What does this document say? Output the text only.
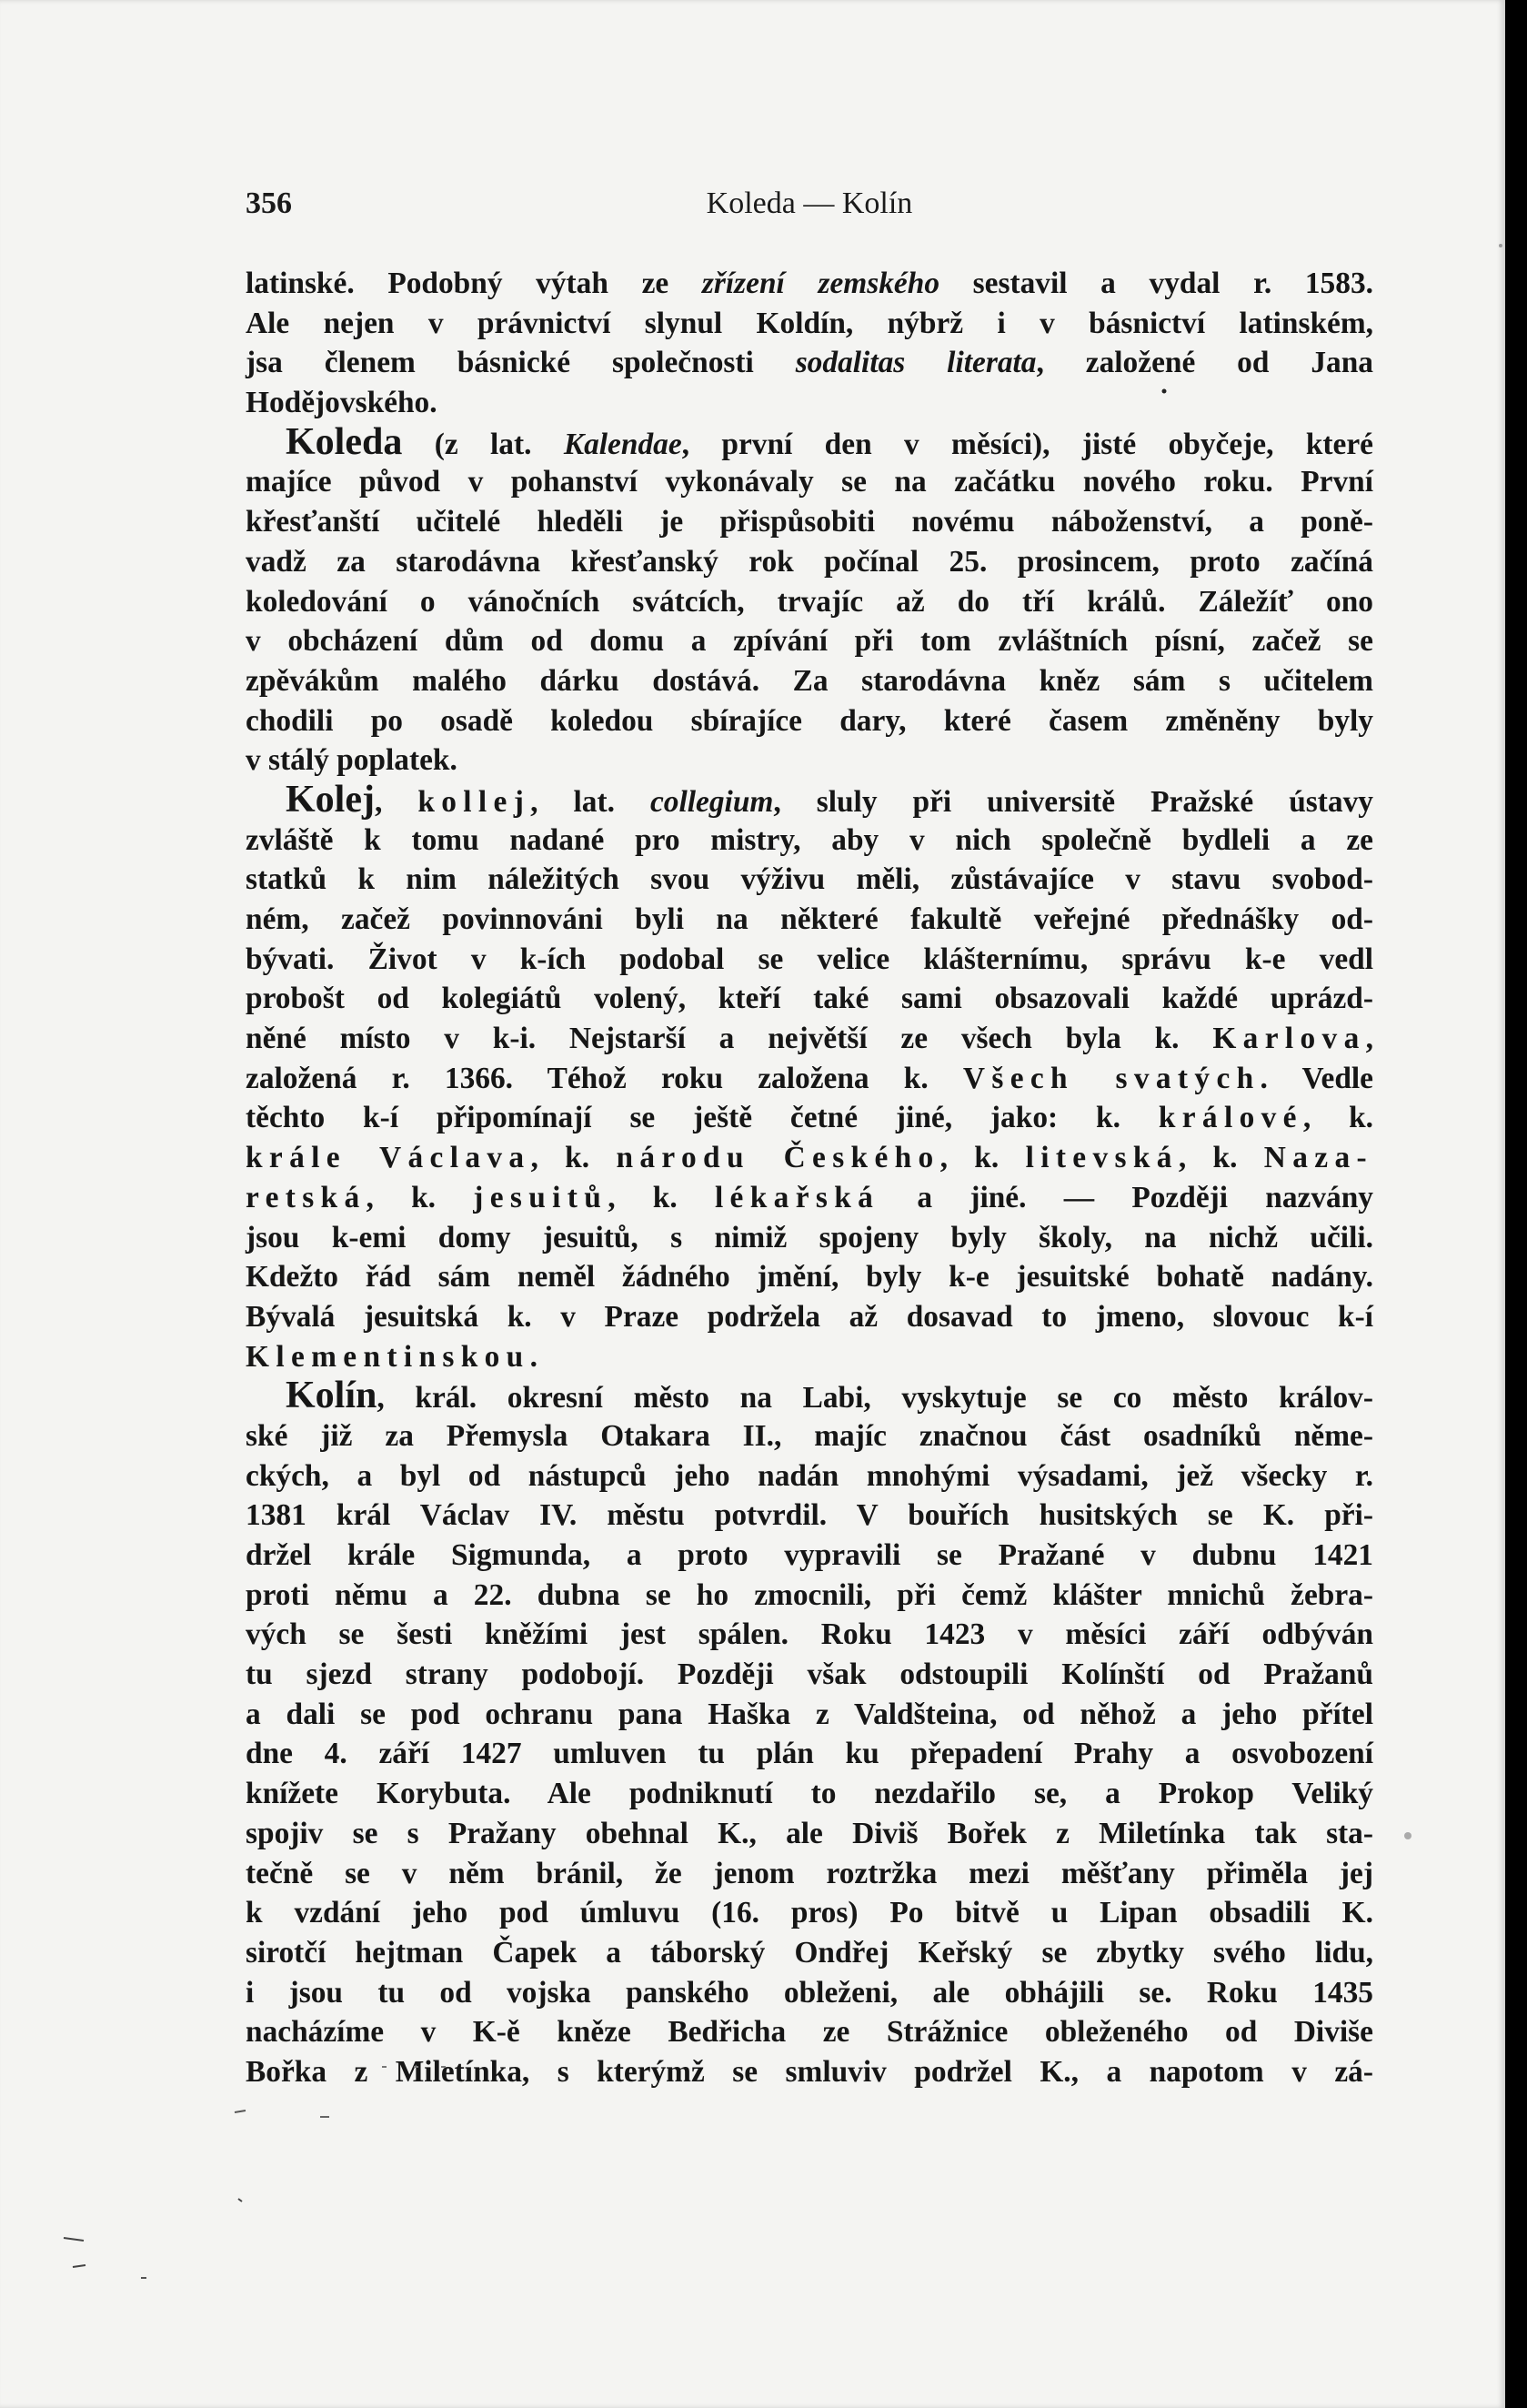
356	Koleda — Kolín
latinské. Podobný výtah ze zřízení zemského sestavil a vydal r. 1583.
Ale nejen v právnictví slynul Koldín, nýbrž i v básnictví latinském,
jsa členem básnické společnosti sodalitas literata, založené od Jana
Hodějovského.
Koleda (z lat. Kalendae, první den v měsíci), jisté obyčeje, které
majíce původ v pohanství vykonávaly se na začátku nového roku. První
křesťanští učitelé hleděli je přispůsobiti novému náboženství, a poně-
vadž za starodávna křesťanský rok počínal 25. prosincem, proto začíná
koledování o vánočních svátcích, trvajíc až do tří králů. Záležíť ono
v obcházení dům od domu a zpívání při tom zvláštních písní, začež se
zpěvákům malého dárku dostává. Za starodávna kněz sám s učitelem
chodili po osadě koledou sbírajíce dary, které časem změněny byly
v stálý poplatek.
Kolej, kollej, lat. collegium, sluly při universitě Pražské ústavy
zvláště k tomu nadané pro mistry, aby v nich společně bydleli a ze
statků k nim náležitých svou výživu měli, zůstávajíce v stavu svobod-
ném, začež povinnováni byli na některé fakultě veřejné přednášky od-
bývati. Život v k-ích podobal se velice klášternímu, správu k-e vedl
probošt od kolegiátů volený, kteří také sami obsazovali každé uprázd-
něné místo v k-i. Nejstarší a největší ze všech byla k. Karlova,
založená r. 1366. Téhož roku založena k. Všech svatých. Vedle
těchto k-í připomínají se ještě četné jiné, jako: k. králové, k.
krále Václava, k. národu Českého, k. litevská, k. Naza-
retská, k. jesuitů, k. lékařská a jiné. — Později nazvány
jsou k-emi domy jesuitů, s nimiž spojeny byly školy, na nichž učili.
Kdežto řád sám neměl žádného jmění, byly k-e jesuitské bohatě nadány.
Bývalá jesuitská k. v Praze podržela až dosavad to jmeno, slovouc k-í
Klementinskou.
Kolín, král. okresní město na Labi, vyskytuje se co město králov-
ské již za Přemysla Otakara II., majíc značnou část osadníků něme-
ckých, a byl od nástupců jeho nadán mnohými výsadami, jež všecky r.
1381 král Václav IV. městu potvrdil. V bouřích husitských se K. při-
držel krále Sigmunda, a proto vypravili se Pražané v dubnu 1421
proti němu a 22. dubna se ho zmocnili, při čemž klášter mnichů žebra-
vých se šesti kněžími jest spálen. Roku 1423 v měsíci září odbýván
tu sjezd strany podobojí. Později však odstoupili Kolínští od Pražanů
a dali se pod ochranu pana Haška z Valdšteina, od něhož a jeho přítel
dne 4. září 1427 umluven tu plán ku přepadení Prahy a osvobození
knížete Korybuta. Ale podniknutí to nezdařilo se, a Prokop Veliký
spojiv se s Pražany obehnal K., ale Diviš Bořek z Miletínka tak sta-
tečně se v něm bránil, že jenom roztržka mezi měšťany přiměla jej
k vzdání jeho pod úmluvu (16. pros) Po bitvě u Lipan obsadili K.
sirotčí hejtman Čapek a táborský Ondřej Keřský se zbytky svého lidu,
i jsou tu od vojska panského obleženi, ale obhájili se. Roku 1435
nacházíme v K-ě kněze Bedřicha ze Strážnice obleženého od Diviše
Bořka z Miletínka, s kterýmž se smluviv podržel K., a napotom v zá-
